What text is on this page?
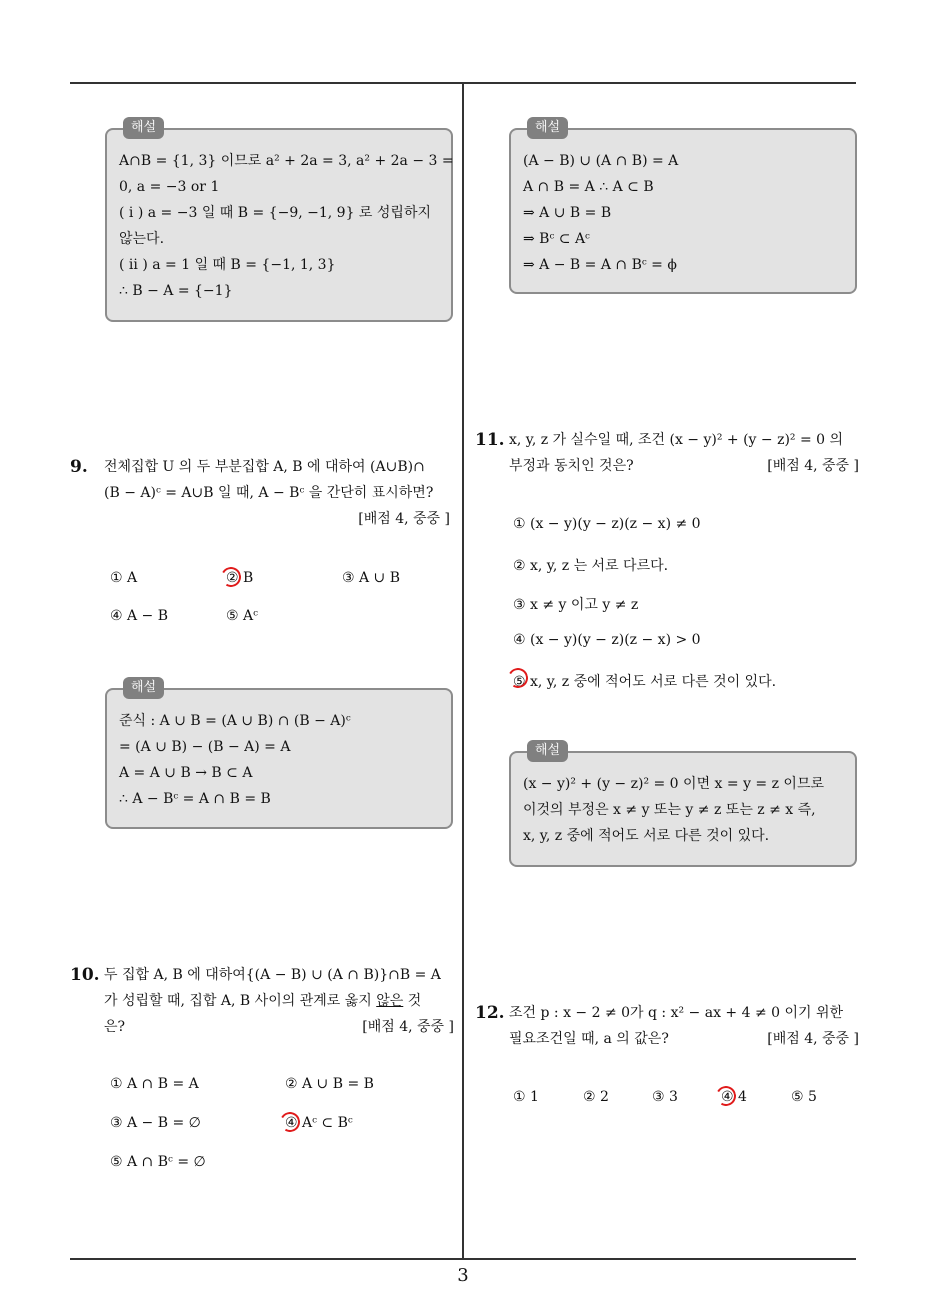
해설
A∩B = {1, 3} 이므로 a² + 2a = 3, a² + 2a − 3 =
0, a = −3 or 1
( i ) a = −3 일 때 B = {−9, −1, 9} 로 성립하지
않는다.
( ii ) a = 1 일 때 B = {−1, 1, 3}
∴ B − A = {−1}
해설
(A − B) ∪ (A ∩ B) = A
A ∩ B = A ∴ A ⊂ B
⇒ A ∪ B = B
⇒ Bᶜ ⊂ Aᶜ
⇒ A − B = A ∩ Bᶜ = ϕ
9. 전체집합 U 의 두 부분집합 A, B 에 대하여 (A∪B)∩
(B − A)ᶜ = A∪B 일 때, A − Bᶜ 을 간단히 표시하면?
[배점 4, 중중 ]
① A	② B	③ A ∪ B
④ A − B	⑤ Aᶜ
해설
준식 : A ∪ B = (A ∪ B) ∩ (B − A)ᶜ
= (A ∪ B) − (B − A) = A
A = A ∪ B → B ⊂ A
∴ A − Bᶜ = A ∩ B = B
10. 두 집합 A, B 에 대하여{(A − B) ∪ (A ∩ B)}∩B = A
가 성립할 때, 집합 A, B 사이의 관계로 옳지 않은 것
은?	[배점 4, 중중 ]
① A ∩ B = A	② A ∪ B = B
③ A − B = ∅	④ Aᶜ ⊂ Bᶜ
⑤ A ∩ Bᶜ = ∅
11. x, y, z 가 실수일 때, 조건 (x − y)² + (y − z)² = 0 의
부정과 동치인 것은?	[배점 4, 중중 ]
① (x − y)(y − z)(z − x) ≠ 0
② x, y, z 는 서로 다르다.
③ x ≠ y 이고 y ≠ z
④ (x − y)(y − z)(z − x) > 0
⑤ x, y, z 중에 적어도 서로 다른 것이 있다.
해설
(x − y)² + (y − z)² = 0 이면 x = y = z 이므로
이것의 부정은 x ≠ y 또는 y ≠ z 또는 z ≠ x 즉,
x, y, z 중에 적어도 서로 다른 것이 있다.
12. 조건 p : x − 2 ≠ 0가 q : x² − ax + 4 ≠ 0 이기 위한
필요조건일 때, a 의 값은?	[배점 4, 중중 ]
① 1	② 2	③ 3	④ 4	⑤ 5
3
